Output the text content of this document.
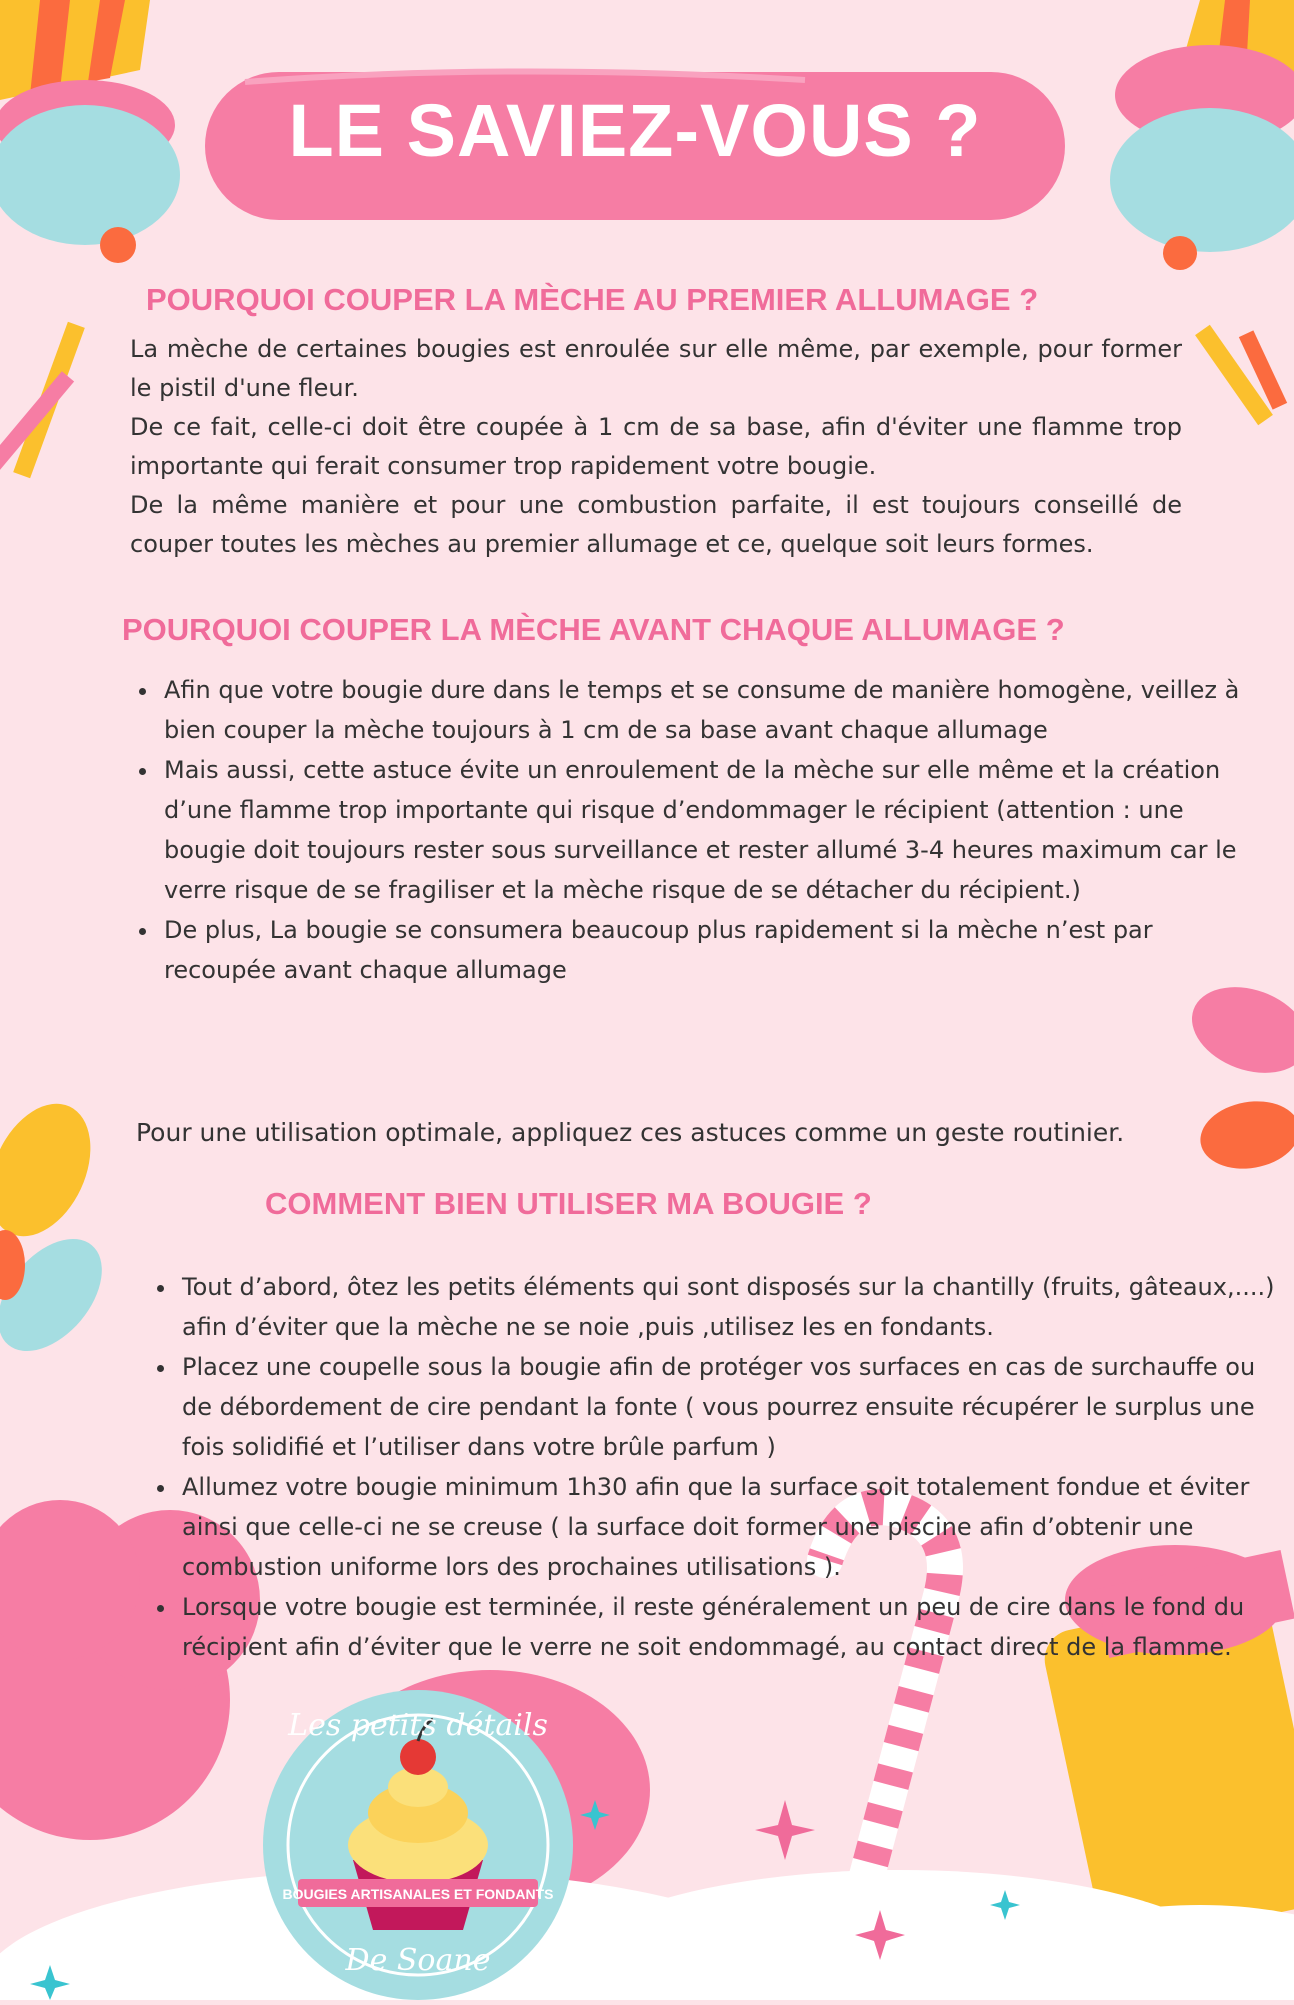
LE SAVIEZ-VOUS ?
POURQUOI COUPER LA MÈCHE AU PREMIER ALLUMAGE ?

La mèche de certaines bougies est enroulée sur elle même, par exemple, pour former le pistil d'une fleur.

De ce fait, celle-ci doit être coupée à 1 cm de sa base, afin d'éviter une flamme trop importante qui ferait consumer trop rapidement votre bougie.

De la même manière et pour une combustion parfaite, il est toujours conseillé de couper toutes les mèches au premier allumage et ce, quelque soit leurs formes.

POURQUOI COUPER LA MÈCHE AVANT CHAQUE ALLUMAGE ?
• Afin que votre bougie dure dans le temps et se consume de manière homogène, veillez à bien couper la mèche toujours à 1 cm de sa base avant chaque allumage
• Mais aussi, cette astuce évite un enroulement de la mèche sur elle même et la création d’une flamme trop importante qui risque d’endommager le récipient (attention : une bougie doit toujours rester sous surveillance et rester allumé 3-4 heures maximum car le verre risque de se fragiliser et la mèche risque de se détacher du récipient.)
• De plus, La bougie se consumera beaucoup plus rapidement si la mèche n’est par recoupée avant chaque allumage
Pour une utilisation optimale, appliquez ces astuces comme un geste routinier.
COMMENT BIEN UTILISER MA BOUGIE ?
• Tout d’abord, ôtez les petits éléments qui sont disposés sur la chantilly (fruits, gâteaux,....) afin d’éviter que la mèche ne se noie ,puis ,utilisez les en fondants.
• Placez une coupelle sous la bougie afin de protéger vos surfaces en cas de surchauffe ou de débordement de cire pendant la fonte ( vous pourrez ensuite récupérer le surplus une fois solidifié et l’utiliser dans votre brûle parfum )
• Allumez votre bougie minimum 1h30 afin que la surface soit totalement fondue et éviter ainsi que celle-ci ne se creuse ( la surface doit former une piscine afin d’obtenir une combustion uniforme lors des prochaines utilisations ).
• Lorsque votre bougie est terminée, il reste généralement un peu de cire dans le fond du récipient afin d’éviter que le verre ne soit endommagé, au contact direct de la flamme.
BOUGIES ARTISANALES ET FONDANTS
Les petits détails
De Soane
